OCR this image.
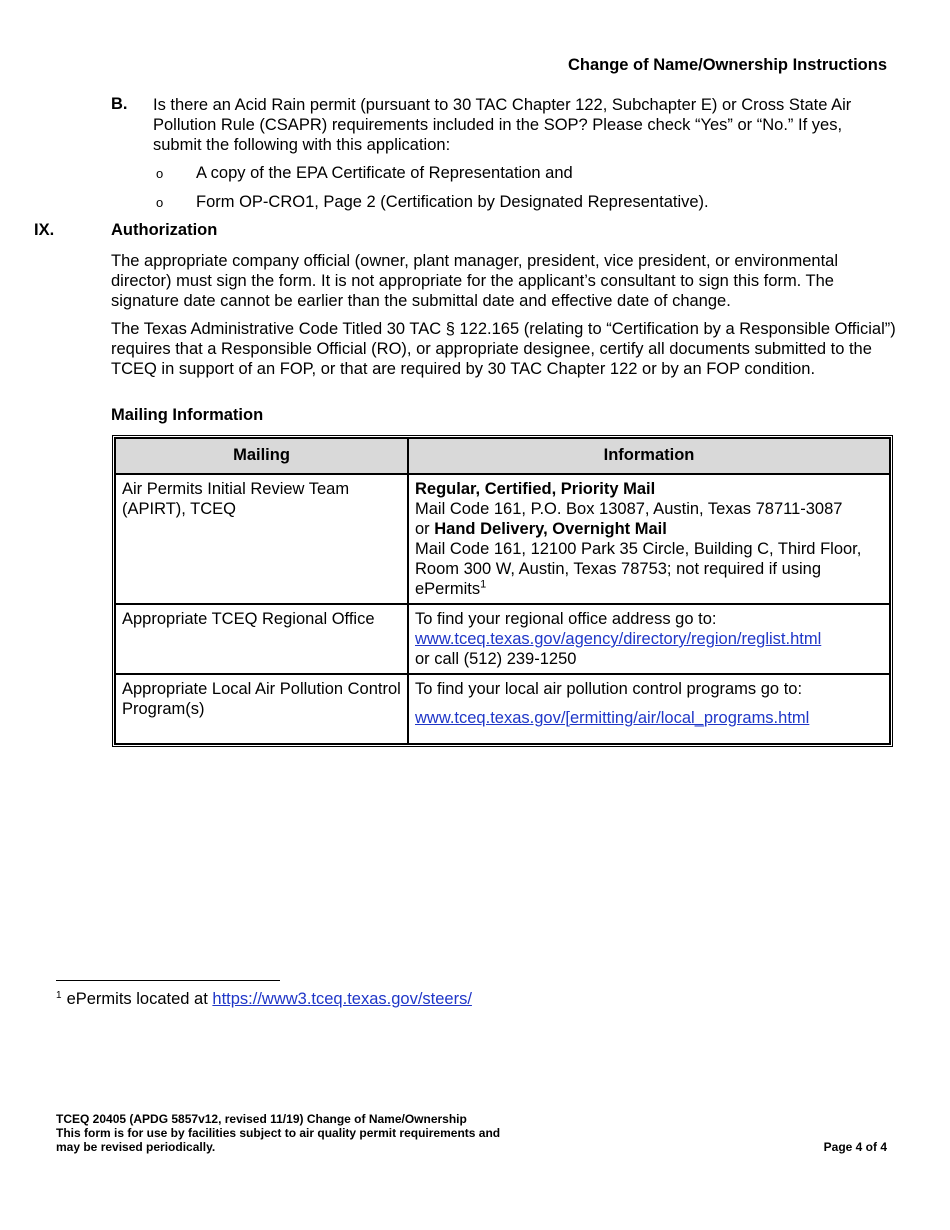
Change of Name/Ownership Instructions
B. Is there an Acid Rain permit (pursuant to 30 TAC Chapter 122, Subchapter E) or Cross State Air Pollution Rule (CSAPR) requirements included in the SOP? Please check “Yes” or “No.” If yes, submit the following with this application:
o A copy of the EPA Certificate of Representation and
o Form OP-CRO1, Page 2 (Certification by Designated Representative).
IX.	Authorization
The appropriate company official (owner, plant manager, president, vice president, or environmental director) must sign the form. It is not appropriate for the applicant’s consultant to sign this form. The signature date cannot be earlier than the submittal date and effective date of change.
The Texas Administrative Code Titled 30 TAC § 122.165 (relating to “Certification by a Responsible Official”) requires that a Responsible Official (RO), or appropriate designee, certify all documents submitted to the TCEQ in support of an FOP, or that are required by 30 TAC Chapter 122 or by an FOP condition.
Mailing Information
Mailing	Information
Air Permits Initial Review Team (APIRT), TCEQ	Regular, Certified, Priority Mail
Mail Code 161, P.O. Box 13087, Austin, Texas 78711-3087
or Hand Delivery, Overnight Mail
Mail Code 161, 12100 Park 35 Circle, Building C, Third Floor, Room 300 W, Austin, Texas 78753; not required if using ePermits$^1$
Appropriate TCEQ Regional Office	To find your regional office address go to:
www.tceq.texas.gov/agency/directory/region/reglist.html
or call (512) 239-1250
Appropriate Local Air Pollution Control Program(s)	To find your local air pollution control programs go to:
www.tceq.texas.gov/[ermitting/air/local_programs.html
$^1$ ePermits located at https://www3.tceq.texas.gov/steers/
TCEQ 20405 (APDG 5857v12, revised 11/19) Change of Name/Ownership
This form is for use by facilities subject to air quality permit requirements and
may be revised periodically.	Page 4 of 4
